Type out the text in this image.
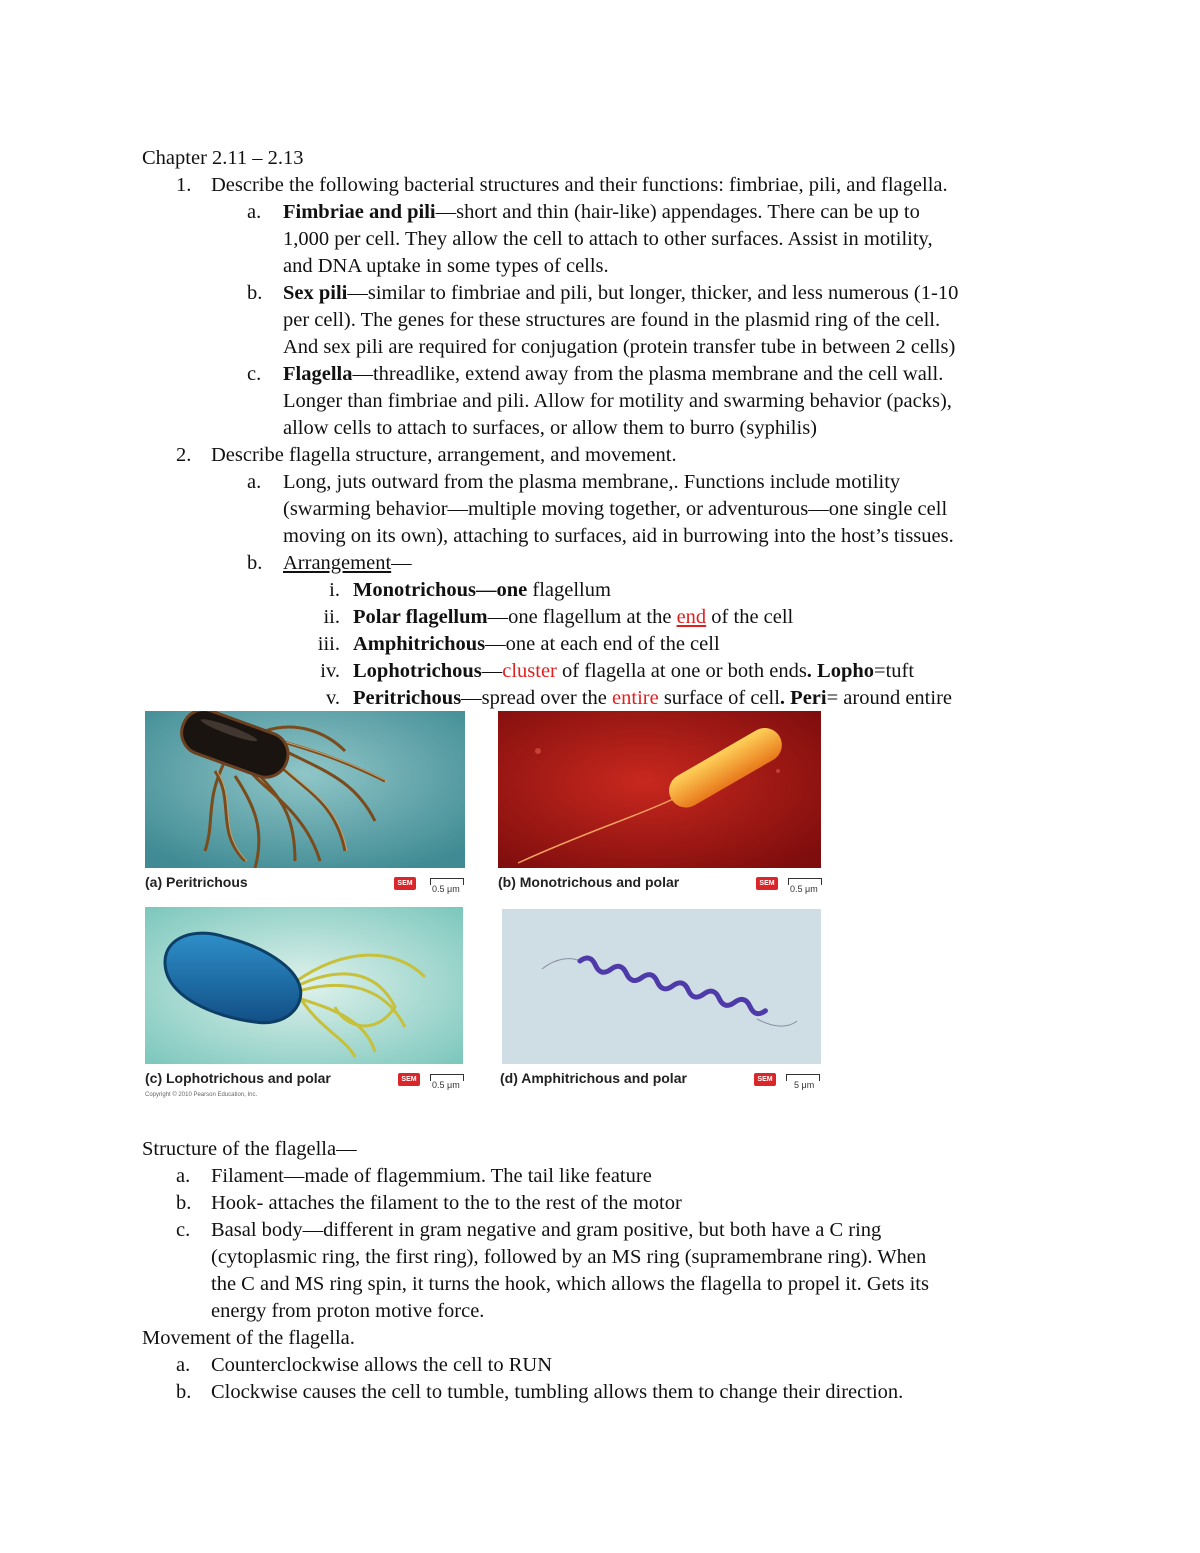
Chapter 2.11 – 2.13
1. Describe the following bacterial structures and their functions: fimbriae, pili, and flagella.
a. Fimbriae and pili—short and thin (hair-like) appendages. There can be up to
1,000 per cell. They allow the cell to attach to other surfaces. Assist in motility,
and DNA uptake in some types of cells.
b. Sex pili—similar to fimbriae and pili, but longer, thicker, and less numerous (1-10
per cell). The genes for these structures are found in the plasmid ring of the cell.
And sex pili are required for conjugation (protein transfer tube in between 2 cells)
c. Flagella—threadlike, extend away from the plasma membrane and the cell wall.
Longer than fimbriae and pili. Allow for motility and swarming behavior (packs),
allow cells to attach to surfaces, or allow them to burro (syphilis)
2. Describe flagella structure, arrangement, and movement.
a. Long, juts outward from the plasma membrane,. Functions include motility
(swarming behavior—multiple moving together, or adventurous—one single cell
moving on its own), attaching to surfaces, aid in burrowing into the host’s tissues.
b. Arrangement—
i. Monotrichous—one flagellum
ii. Polar flagellum—one flagellum at the end of the cell
iii. Amphitrichous—one at each end of the cell
iv. Lophotrichous—cluster of flagella at one or both ends. Lopho=tuft
v. Peritrichous—spread over the entire surface of cell. Peri= around entire
(a) Peritrichous	SEM
0.5 μm	(b) Monotrichous and polar	SEM
0.5 μm
(c) Lophotrichous and polar	SEM
0.5 μm
Copyright © 2010 Pearson Education, Inc.
(d) Amphitrichous and polar	SEM
5 μm
Structure of the flagella—
a. Filament—made of flagemmium. The tail like feature
b. Hook- attaches the filament to the to the rest of the motor
c. Basal body—different in gram negative and gram positive, but both have a C ring
(cytoplasmic ring, the first ring), followed by an MS ring (supramembrane ring). When
the C and MS ring spin, it turns the hook, which allows the flagella to propel it. Gets its
energy from proton motive force.
Movement of the flagella.
a. Counterclockwise allows the cell to RUN
b. Clockwise causes the cell to tumble, tumbling allows them to change their direction.
